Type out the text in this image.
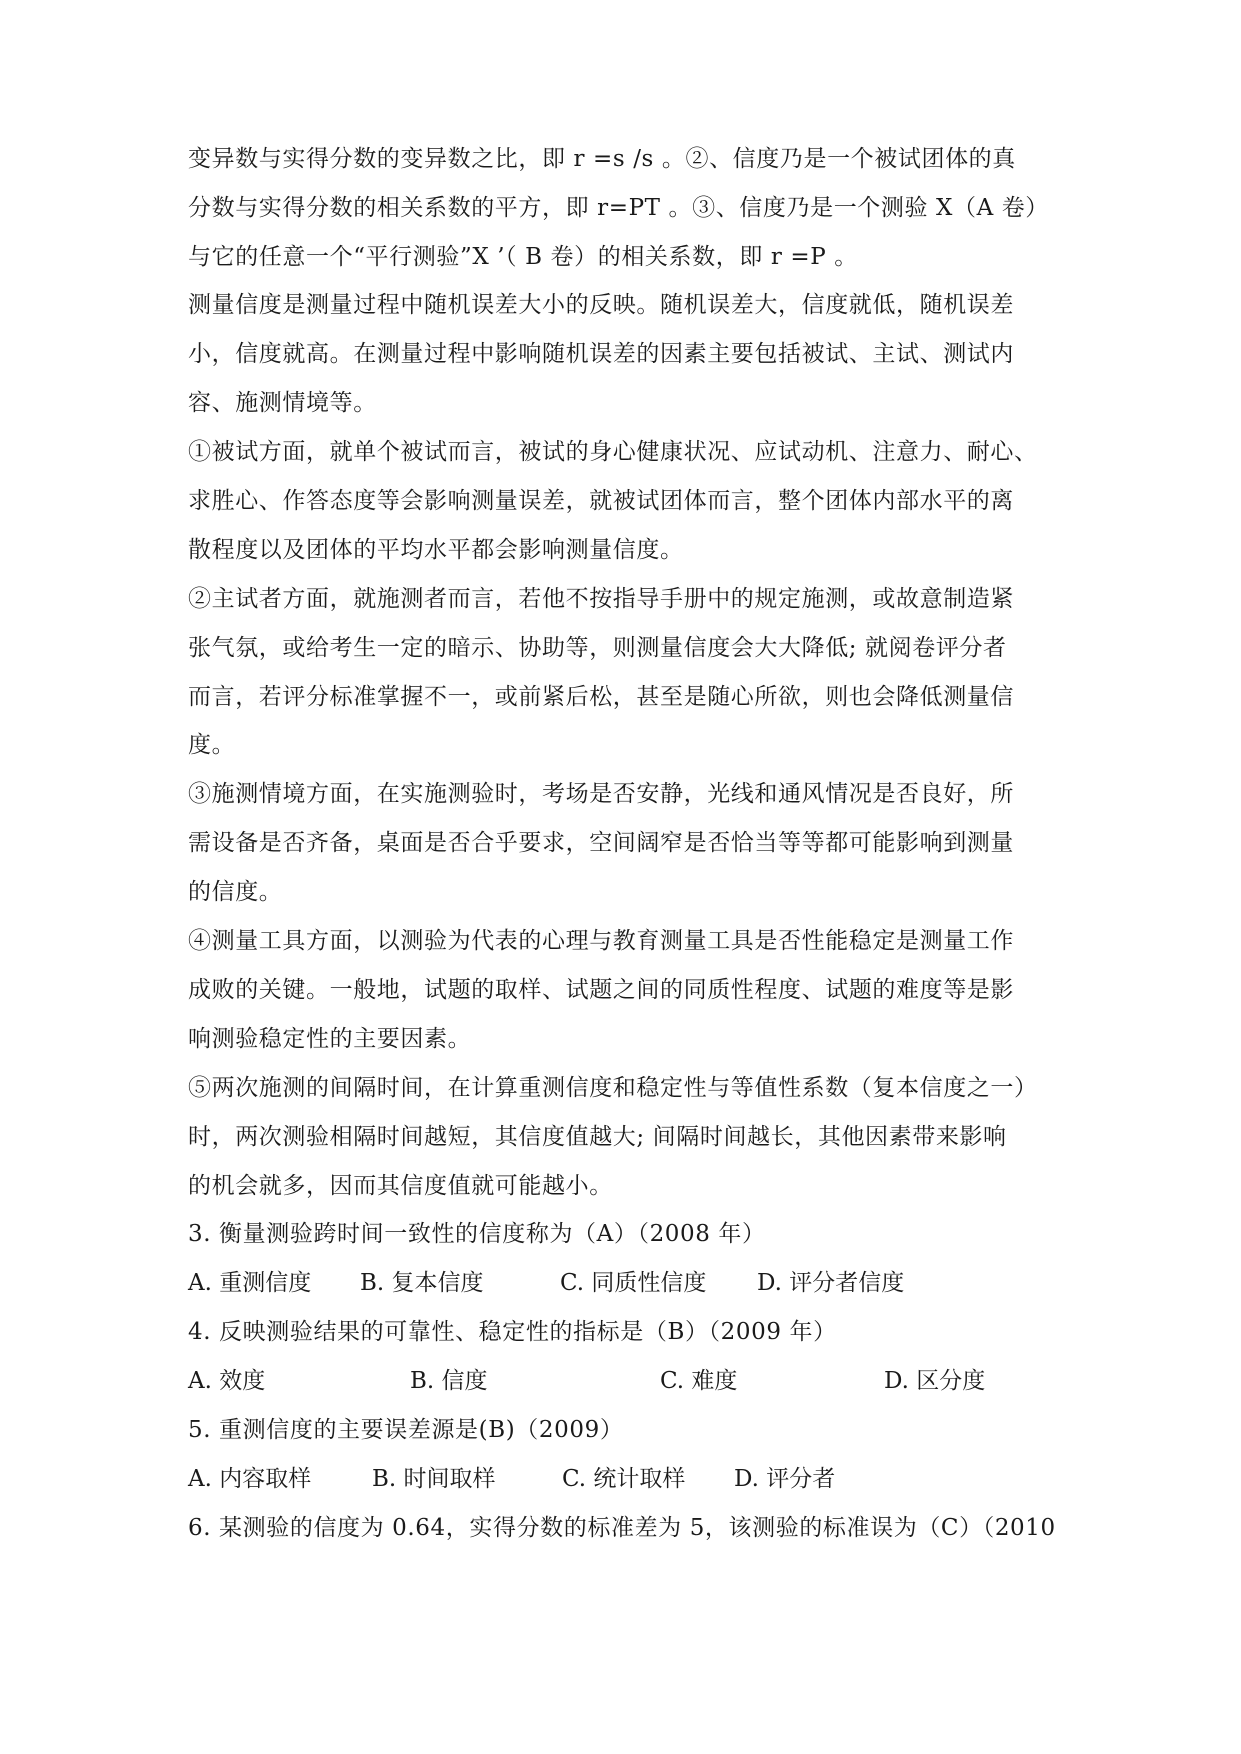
变异数与实得分数的变异数之比，即 r =s /s 。②、信度乃是一个被试团体的真
分数与实得分数的相关系数的平方，即 r=PT 。③、信度乃是一个测验 X（A 卷）
与它的任意一个“平行测验”X ’（ B 卷）的相关系数，即 r =P 。
测量信度是测量过程中随机误差大小的反映。随机误差大，信度就低，随机误差
小，信度就高。在测量过程中影响随机误差的因素主要包括被试、主试、测试内
容、施测情境等。
①被试方面，就单个被试而言，被试的身心健康状况、应试动机、注意力、耐心、
求胜心、作答态度等会影响测量误差，就被试团体而言，整个团体内部水平的离
散程度以及团体的平均水平都会影响测量信度。
②主试者方面，就施测者而言，若他不按指导手册中的规定施测，或故意制造紧
张气氛，或给考生一定的暗示、协助等，则测量信度会大大降低; 就阅卷评分者
而言，若评分标准掌握不一，或前紧后松，甚至是随心所欲，则也会降低测量信
度。
③施测情境方面，在实施测验时，考场是否安静，光线和通风情况是否良好，所
需设备是否齐备，桌面是否合乎要求，空间阔窄是否恰当等等都可能影响到测量
的信度。
④测量工具方面，以测验为代表的心理与教育测量工具是否性能稳定是测量工作
成败的关键。一般地，试题的取样、试题之间的同质性程度、试题的难度等是影
响测验稳定性的主要因素。
⑤两次施测的间隔时间，在计算重测信度和稳定性与等值性系数（复本信度之一）
时，两次测验相隔时间越短，其信度值越大; 间隔时间越长，其他因素带来影响
的机会就多，因而其信度值就可能越小。
3. 衡量测验跨时间一致性的信度称为（A）（2008 年）
A. 重测信度 B. 复本信度	C. 同质性信度 D. 评分者信度
4. 反映测验结果的可靠性、稳定性的指标是（B）（2009 年）
A. 效度	B. 信度	C. 难度	D. 区分度
5. 重测信度的主要误差源是(B)（2009）
A. 内容取样	B. 时间取样	C. 统计取样 D. 评分者
6. 某测验的信度为 0.64，实得分数的标准差为 5，该测验的标准误为（C）（2010
